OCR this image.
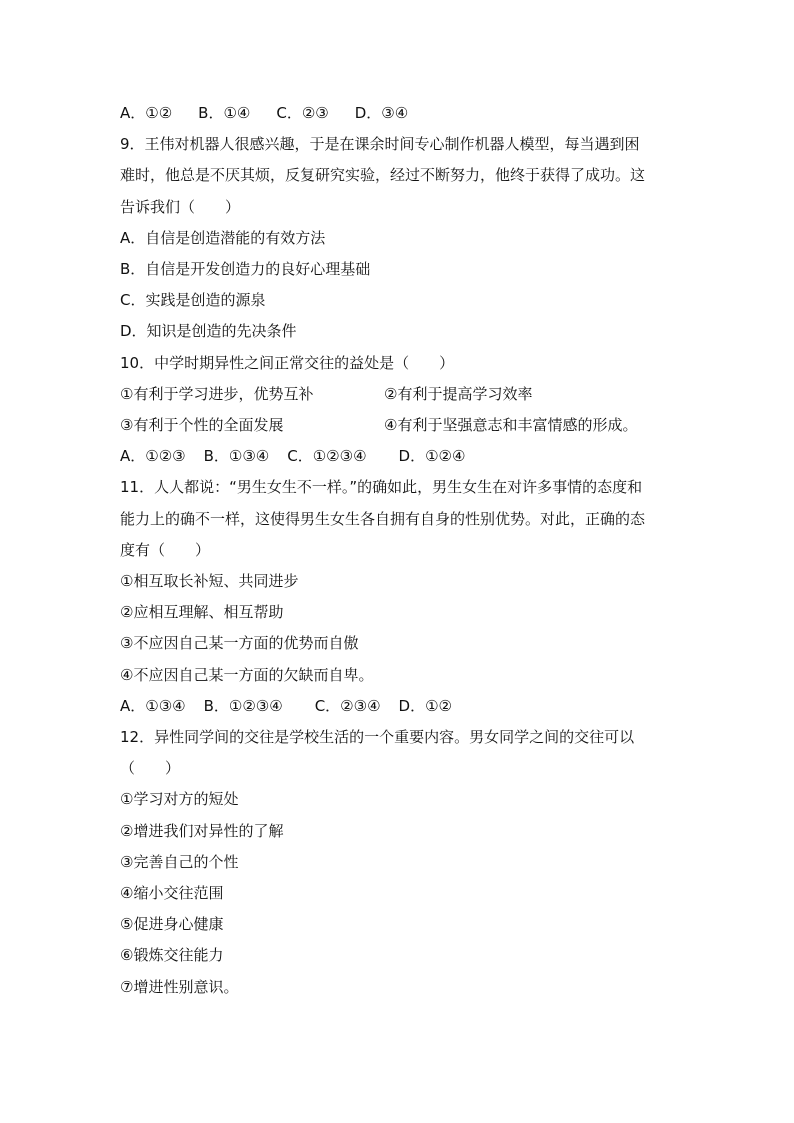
A．①② B．①④ C．②③ D．③④
9．王伟对机器人很感兴趣，于是在课余时间专心制作机器人模型，每当遇到困
难时，他总是不厌其烦，反复研究实验，经过不断努力，他终于获得了成功。这
告诉我们（　　）
A．自信是创造潜能的有效方法
B．自信是开发创造力的良好心理基础
C．实践是创造的源泉
D．知识是创造的先决条件
10．中学时期异性之间正常交往的益处是（　　）
①有利于学习进步，优势互补	②有利于提高学习效率
③有利于个性的全面发展	④有利于坚强意志和丰富情感的形成。
A．①②③ B．①③④ C．①②③④ D．①②④
11．人人都说：“男生女生不一样。”的确如此，男生女生在对许多事情的态度和
能力上的确不一样，这使得男生女生各自拥有自身的性别优势。对此，正确的态
度有（　　）
①相互取长补短、共同进步
②应相互理解、相互帮助
③不应因自己某一方面的优势而自傲
④不应因自己某一方面的欠缺而自卑。
A．①③④ B．①②③④ C．②③④ D．①②
12．异性同学间的交往是学校生活的一个重要内容。男女同学之间的交往可以
（　　）
①学习对方的短处
②增进我们对异性的了解
③完善自己的个性
④缩小交往范围
⑤促进身心健康
⑥锻炼交往能力
⑦增进性别意识。
